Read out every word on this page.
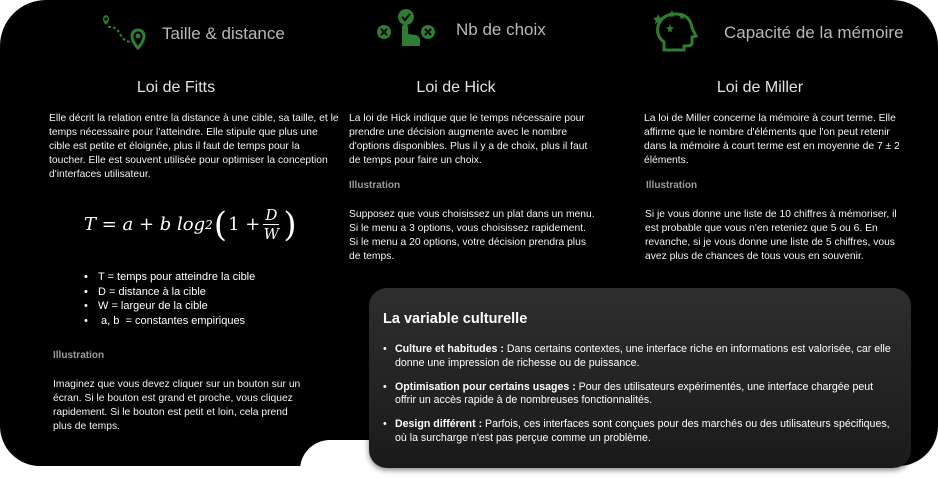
Taille & distance	Nb de choix	Capacité de la mémoire
Loi de Fitts	Loi de Hick	Loi de Miller
Elle décrit la relation entre la distance à une cible, sa taille, et le temps nécessaire pour l'atteindre. Elle stipule que plus une cible est petite et éloignée, plus il faut de temps pour la toucher. Elle est souvent utilisée pour optimiser la conception d'interfaces utilisateur.
T = a + b log 2 ( $1 + \frac{D}{W}$ )
• T = temps pour atteindre la cible
• D = distance à la cible
• W = largeur de la cible
•  a, b  = constantes empiriques
Illustration
Imaginez que vous devez cliquer sur un bouton sur un écran. Si le bouton est grand et proche, vous cliquez rapidement. Si le bouton est petit et loin, cela prend plus de temps.
La loi de Hick indique que le temps nécessaire pour prendre une décision augmente avec le nombre d'options disponibles. Plus il y a de choix, plus il faut de temps pour faire un choix.
Illustration
Supposez que vous choisissez un plat dans un menu. Si le menu a 3 options, vous choisissez rapidement. Si le menu a 20 options, votre décision prendra plus de temps.
La loi de Miller concerne la mémoire à court terme. Elle affirme que le nombre d'éléments que l'on peut retenir dans la mémoire à court terme est en moyenne de 7 ± 2 éléments.
Illustration
Si je vous donne une liste de 10 chiffres à mémoriser, il est probable que vous n'en reteniez que 5 ou 6. En revanche, si je vous donne une liste de 5 chiffres, vous avez plus de chances de tous vous en souvenir.
La variable culturelle
• Culture et habitudes : Dans certains contextes, une interface riche en informations est valorisée, car elle donne une impression de richesse ou de puissance.
• Optimisation pour certains usages : Pour des utilisateurs expérimentés, une interface chargée peut offrir un accès rapide à de nombreuses fonctionnalités.
• Design différent : Parfois, ces interfaces sont conçues pour des marchés ou des utilisateurs spécifiques, où la surcharge n'est pas perçue comme un problème.
